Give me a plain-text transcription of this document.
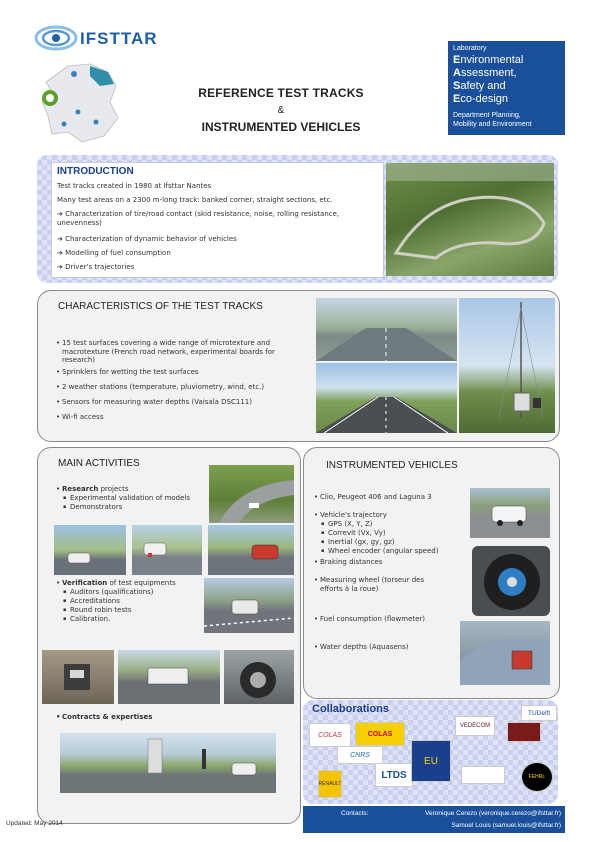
IFSTTAR
REFERENCE TEST TRACKS
&
INSTRUMENTED VEHICLES
Laboratory
Environmental
Assessment,
Safety and
Eco-design
Department Planning,
Mobility and Environment
INTRODUCTION
Test tracks created in 1980 at Ifsttar Nantes
Many test areas on a 2300 m-long track: banked corner, straight sections, etc.
➔ Characterization of tire/road contact (skid resistance, noise, rolling resistance, unevenness)
➔ Characterization of dynamic behavior of vehicles
➔ Modelling of fuel consumption
➔ Driver's trajectories
CHARACTERISTICS OF THE TEST TRACKS
• 15 test surfaces covering a wide range of microtexture and macrotexture (French road network, experimental boards for research)
• Sprinklers for wetting the test surfaces
• 2 weather stations (temperature, pluviometry, wind, etc.)
• Sensors for measuring water depths (Vaisala DSC111)
• Wi-fi access
MAIN ACTIVITIES
• Research projects
▪ Experimental validation of models
▪ Demonstrators
• Verification of test equipments
▪ Auditors (qualifications)
▪ Accreditations
▪ Round robin tests
▪ Calibration.
• Contracts & expertises
INSTRUMENTED VEHICLES
• Clio, Peugeot 406 and Laguna 3
• Vehicle's trajectory
▪ GPS (X, Y, Z)
▪ Correvit (Vx, Vy)
▪ Inertial (gx, gy, gz)
▪ Wheel encoder (angular speed)
• Braking distances
• Measuring wheel (torseur des efforts à la roue)
• Fuel consumption (flowmeter)
• Water depths (Aquasens)
Collaborations
COLAS	COLAS
LTDS
TUDelft
VEDECOM
CNRS
EU
RENAULT
FEHRL
Contacts:	Veronique Cerezo (veronique.cerezo@ifsttar.fr)
Samuel Louis (samuel.louis@ifsttar.fr)
Updated: May 2014
